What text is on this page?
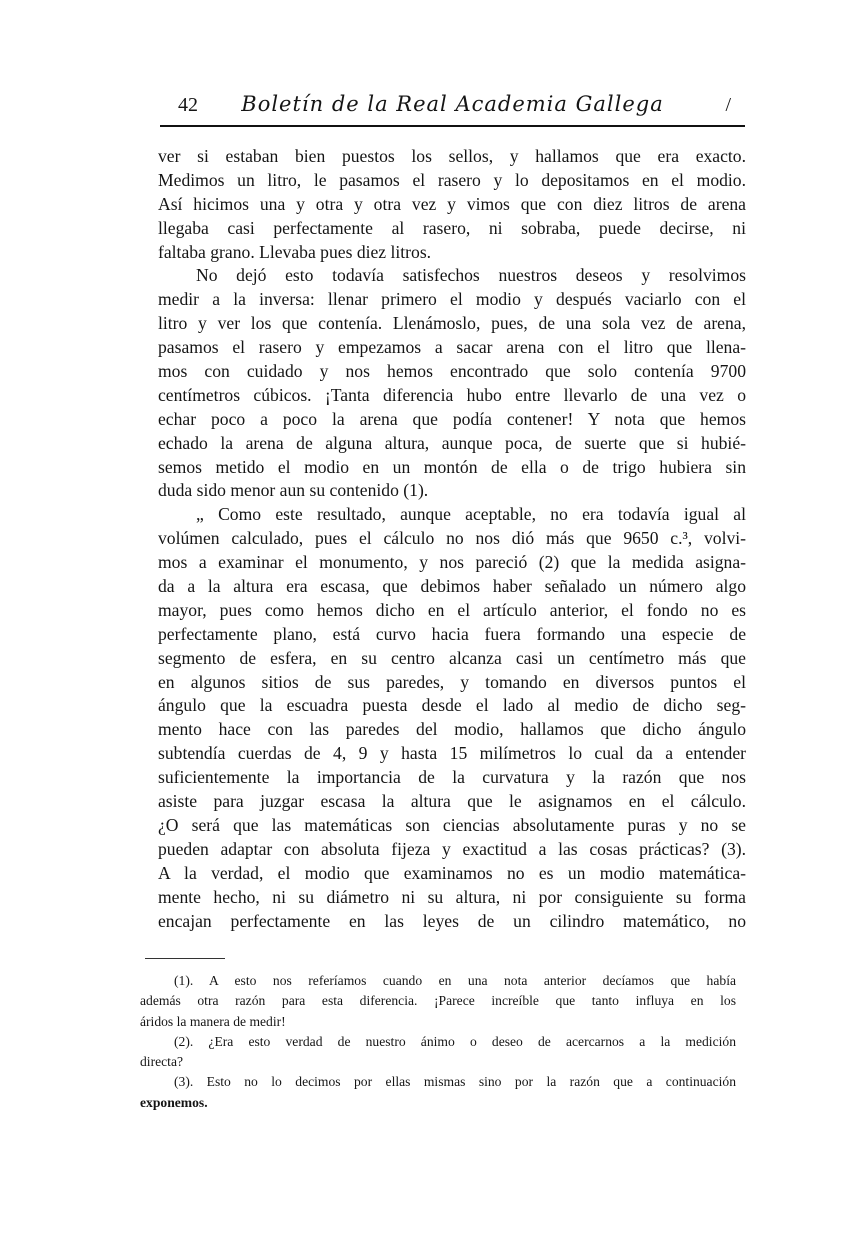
42	Boletín de la Real Academia Gallega	/
ver si estaban bien puestos los sellos, y hallamos que era exacto.
Medimos un litro, le pasamos el rasero y lo depositamos en el modio.
Así hicimos una y otra y otra vez y vimos que con diez litros de arena
llegaba casi perfectamente al rasero, ni sobraba, puede decirse, ni
faltaba grano. Llevaba pues diez litros.
No dejó esto todavía satisfechos nuestros deseos y resolvimos
medir a la inversa: llenar primero el modio y después vaciarlo con el
litro y ver los que contenía. Llenámoslo, pues, de una sola vez de arena,
pasamos el rasero y empezamos a sacar arena con el litro que llena-
mos con cuidado y nos hemos encontrado que solo contenía 9700
centímetros cúbicos. ¡Tanta diferencia hubo entre llevarlo de una vez o
echar poco a poco la arena que podía contener! Y nota que hemos
echado la arena de alguna altura, aunque poca, de suerte que si hubié-
semos metido el modio en un montón de ella o de trigo hubiera sin
duda sido menor aun su contenido (1).
„ Como este resultado, aunque aceptable, no era todavía igual al
volúmen calculado, pues el cálculo no nos dió más que 9650 c.³, volvi-
mos a examinar el monumento, y nos pareció (2) que la medida asigna-
da a la altura era escasa, que debimos haber señalado un número algo
mayor, pues como hemos dicho en el artículo anterior, el fondo no es
perfectamente plano, está curvo hacia fuera formando una especie de
segmento de esfera, en su centro alcanza casi un centímetro más que
en algunos sitios de sus paredes, y tomando en diversos puntos el
ángulo que la escuadra puesta desde el lado al medio de dicho seg-
mento hace con las paredes del modio, hallamos que dicho ángulo
subtendía cuerdas de 4, 9 y hasta 15 milímetros lo cual da a entender
suficientemente la importancia de la curvatura y la razón que nos
asiste para juzgar escasa la altura que le asignamos en el cálculo.
¿O será que las matemáticas son ciencias absolutamente puras y no se
pueden adaptar con absoluta fijeza y exactitud a las cosas prácticas? (3).
A la verdad, el modio que examinamos no es un modio matemática-
mente hecho, ni su diámetro ni su altura, ni por consiguiente su forma
encajan perfectamente en las leyes de un cilindro matemático, no
(1). A esto nos referíamos cuando en una nota anterior decíamos que había
además otra razón para esta diferencia. ¡Parece increíble que tanto influya en los
áridos la manera de medir!
(2). ¿Era esto verdad de nuestro ánimo o deseo de acercarnos a la medición
directa?
(3). Esto no lo decimos por ellas mismas sino por la razón que a continuación
exponemos.
